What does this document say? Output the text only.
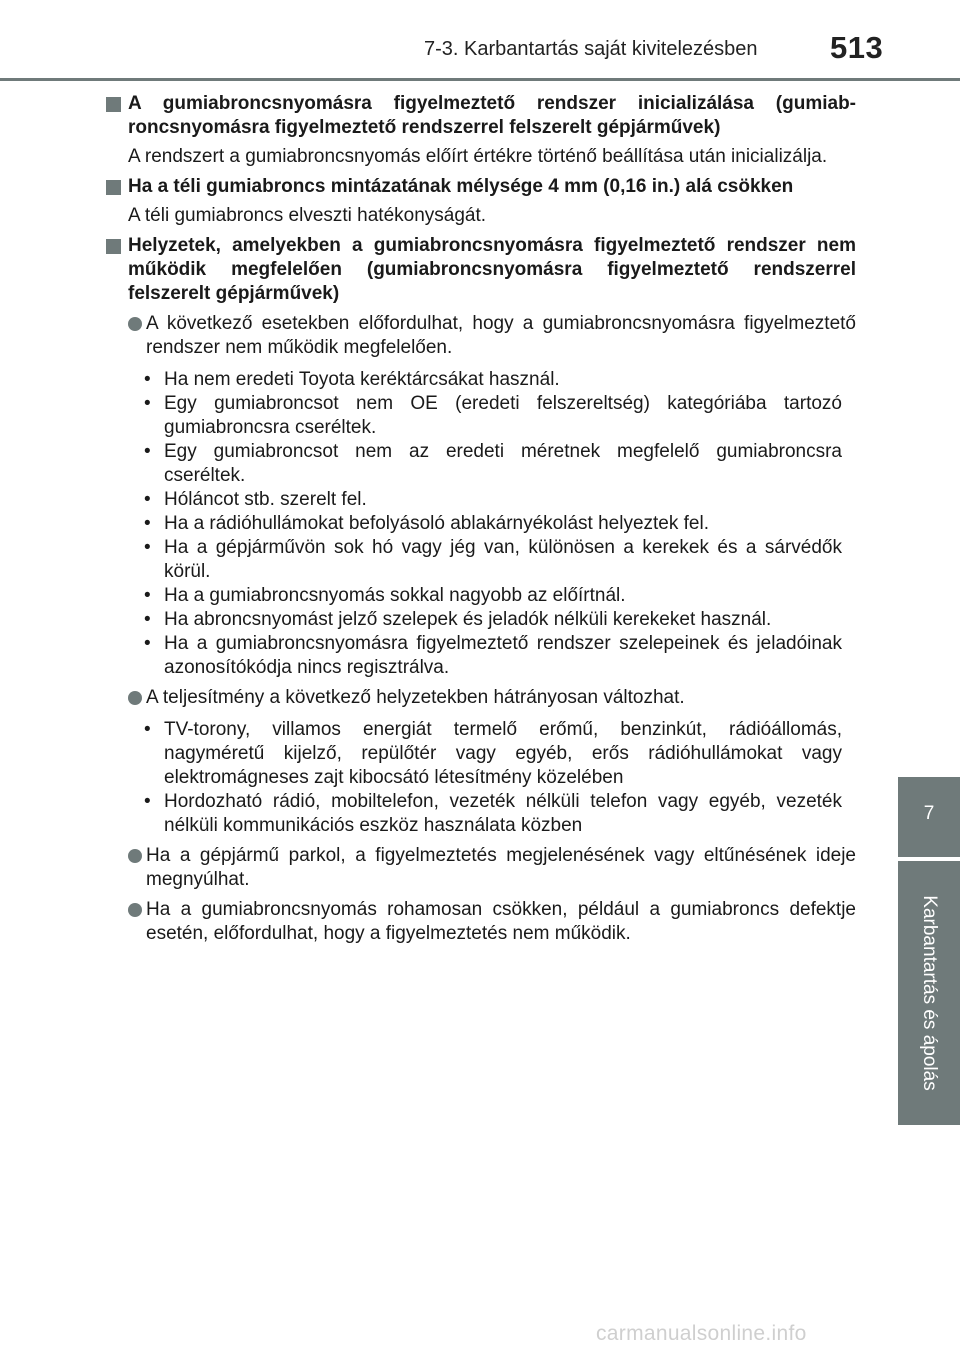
7-3. Karbantartás saját kivitelezésben 513
7
Karbantartás és ápolás
A gumiabroncsnyomásra figyelmeztető rendszer inicializálása (gumiabroncsnyomásra figyelmeztető rendszerrel felszerelt gépjárművek)
A rendszert a gumiabroncsnyomás előírt értékre történő beállítása után inicializálja.
Ha a téli gumiabroncs mintázatának mélysége 4 mm (0,16 in.) alá csökken
A téli gumiabroncs elveszti hatékonyságát.
Helyzetek, amelyekben a gumiabroncsnyomásra figyelmeztető rendszer nem működik megfelelően (gumiabroncsnyomásra figyelmeztető rendszerrel felszerelt gépjárművek)
A következő esetekben előfordulhat, hogy a gumiabroncsnyomásra figyelmeztető rendszer nem működik megfelelően.
• Ha nem eredeti Toyota keréktárcsákat használ.
• Egy gumiabroncsot nem OE (eredeti felszereltség) kategóriába tartozó gumiabroncsra cseréltek.
• Egy gumiabroncsot nem az eredeti méretnek megfelelő gumiabroncsra cseréltek.
• Hóláncot stb. szerelt fel.
• Ha a rádióhullámokat befolyásoló ablakárnyékolást helyeztek fel.
• Ha a gépjárművön sok hó vagy jég van, különösen a kerekek és a sárvédők körül.
• Ha a gumiabroncsnyomás sokkal nagyobb az előírtnál.
• Ha abroncsnyomást jelző szelepek és jeladók nélküli kerekeket használ.
• Ha a gumiabroncsnyomásra figyelmeztető rendszer szelepeinek és jeladóinak azonosítókódja nincs regisztrálva.
A teljesítmény a következő helyzetekben hátrányosan változhat.
• TV-torony, villamos energiát termelő erőmű, benzinkút, rádióállomás, nagyméretű kijelző, repülőtér vagy egyéb, erős rádióhullámokat vagy elektromágneses zajt kibocsátó létesítmény közelében
• Hordozható rádió, mobiltelefon, vezeték nélküli telefon vagy egyéb, vezeték nélküli kommunikációs eszköz használata közben
Ha a gépjármű parkol, a figyelmeztetés megjelenésének vagy eltűnésének ideje megnyúlhat.
Ha a gumiabroncsnyomás rohamosan csökken, például a gumiabroncs defektje esetén, előfordulhat, hogy a figyelmeztetés nem működik.
carmanualsonline.info
